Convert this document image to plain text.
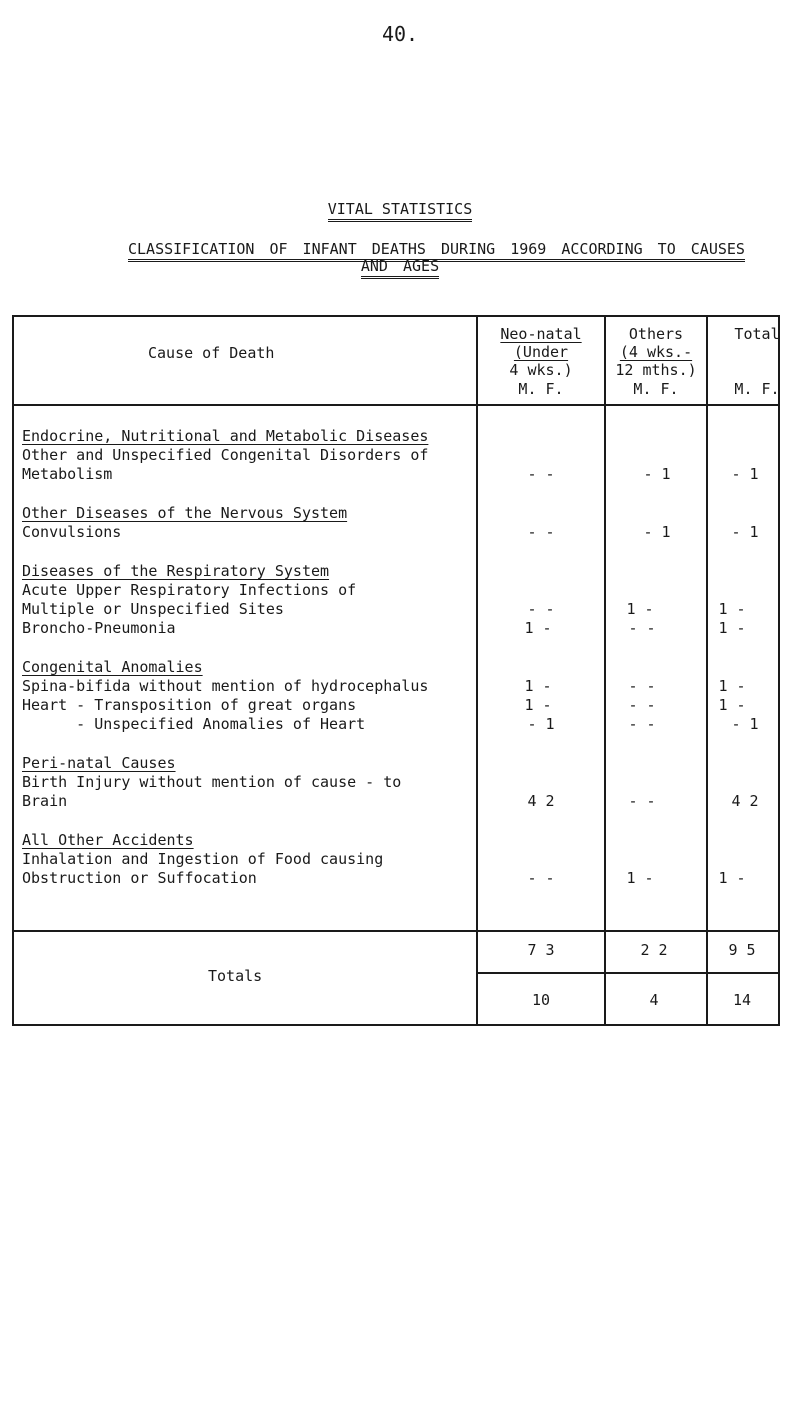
40.
VITAL STATISTICS
CLASSIFICATION OF INFANT DEATHS DURING 1969 ACCORDING TO CAUSES
AND AGES
Cause of Death
Neo-natal
(Under
4 wks.)
M. F.
Others
(4 wks.-
12 mths.)
M. F.
Total
M. F.
Endocrine, Nutritional and Metabolic Diseases
Other and Unspecified Congenital Disorders of
Metabolism	- -	- 1	- 1
Other Diseases of the Nervous System
Convulsions	- -	- 1	- 1
Diseases of the Respiratory System
Acute Upper Respiratory Infections of
Multiple or Unspecified Sites	- -	1 -	1 -
Broncho-Pneumonia	1 -	- -	1 -
Congenital Anomalies
Spina-bifida without mention of hydrocephalus	1 -	- -	1 -
Heart - Transposition of great organs	1 -	- -	1 -
- Unspecified Anomalies of Heart	- 1	- -	- 1
Peri-natal Causes
Birth Injury without mention of cause - to
Brain	4 2	- -	4 2
All Other Accidents
Inhalation and Ingestion of Food causing
Obstruction or Suffocation	- -	1 -	1 -
Totals
7 3	2 2	9 5
10	4	14
